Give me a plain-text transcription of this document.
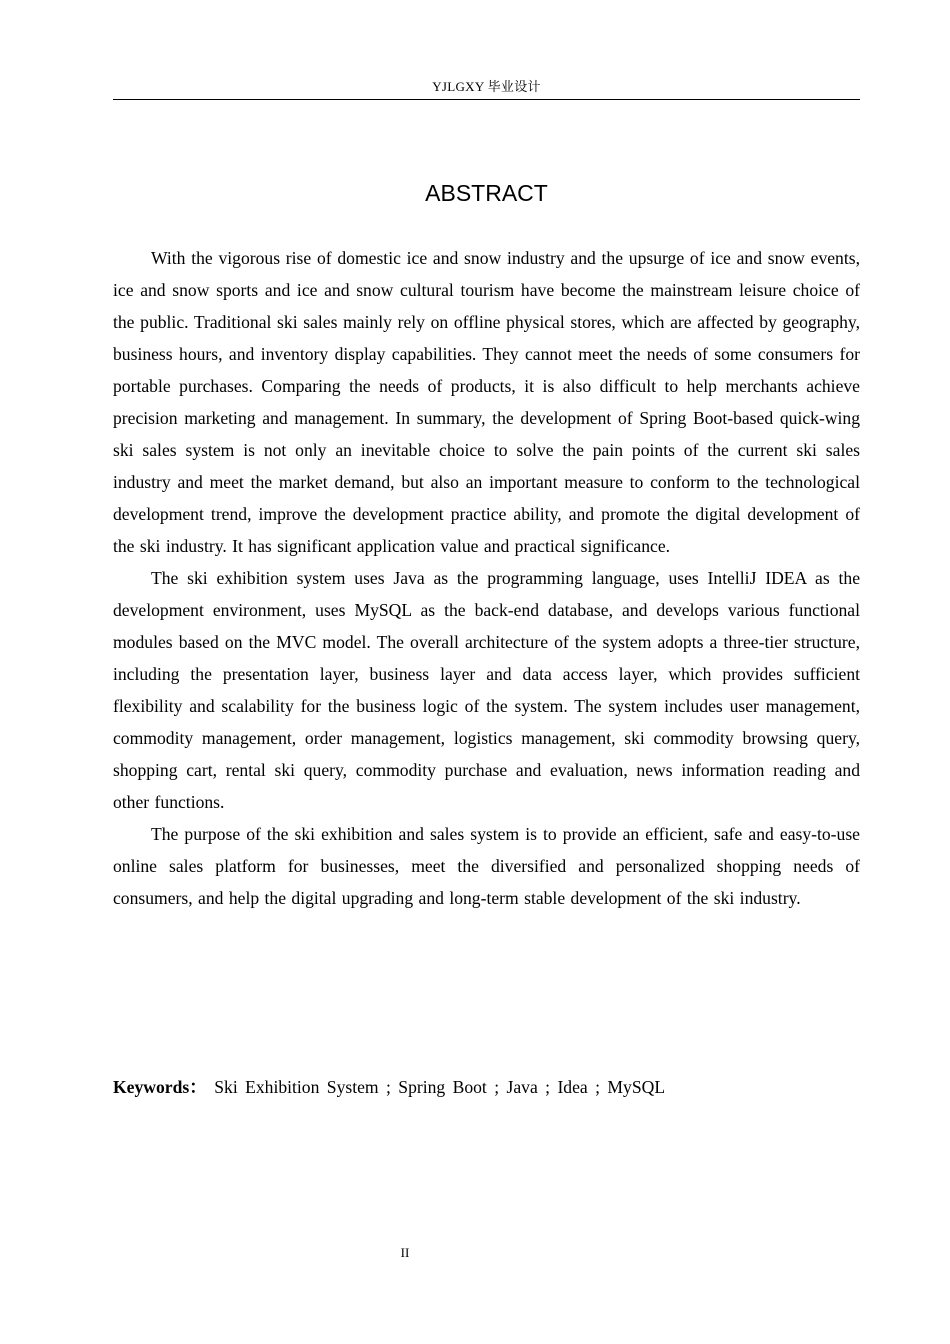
YJLGXY 毕业设计
ABSTRACT

With the vigorous rise of domestic ice and snow industry and the upsurge of ice and snow events, ice and snow sports and ice and snow cultural tourism have become the mainstream leisure choice of the public. Traditional ski sales mainly rely on offline physical stores, which are affected by geography, business hours, and inventory display capabilities. They cannot meet the needs of some consumers for portable purchases. Comparing the needs of products, it is also difficult to help merchants achieve precision marketing and management. In summary, the development of Spring Boot-based quick-wing ski sales system is not only an inevitable choice to solve the pain points of the current ski sales industry and meet the market demand, but also an important measure to conform to the technological development trend, improve the development practice ability, and promote the digital development of the ski industry. It has significant application value and practical significance.

The ski exhibition system uses Java as the programming language, uses IntelliJ IDEA as the development environment, uses MySQL as the back-end database, and develops various functional modules based on the MVC model. The overall architecture of the system adopts a three-tier structure, including the presentation layer, business layer and data access layer, which provides sufficient flexibility and scalability for the business logic of the system. The system includes user management, commodity management, order management, logistics management, ski commodity browsing query, shopping cart, rental ski query, commodity purchase and evaluation, news information reading and other functions.

The purpose of the ski exhibition and sales system is to provide an efficient, safe and easy-to-use online sales platform for businesses, meet the diversified and personalized shopping needs of consumers, and help the digital upgrading and long-term stable development of the ski industry.

Keywords： Ski Exhibition System ; Spring Boot ; Java ; Idea ; MySQL
II
